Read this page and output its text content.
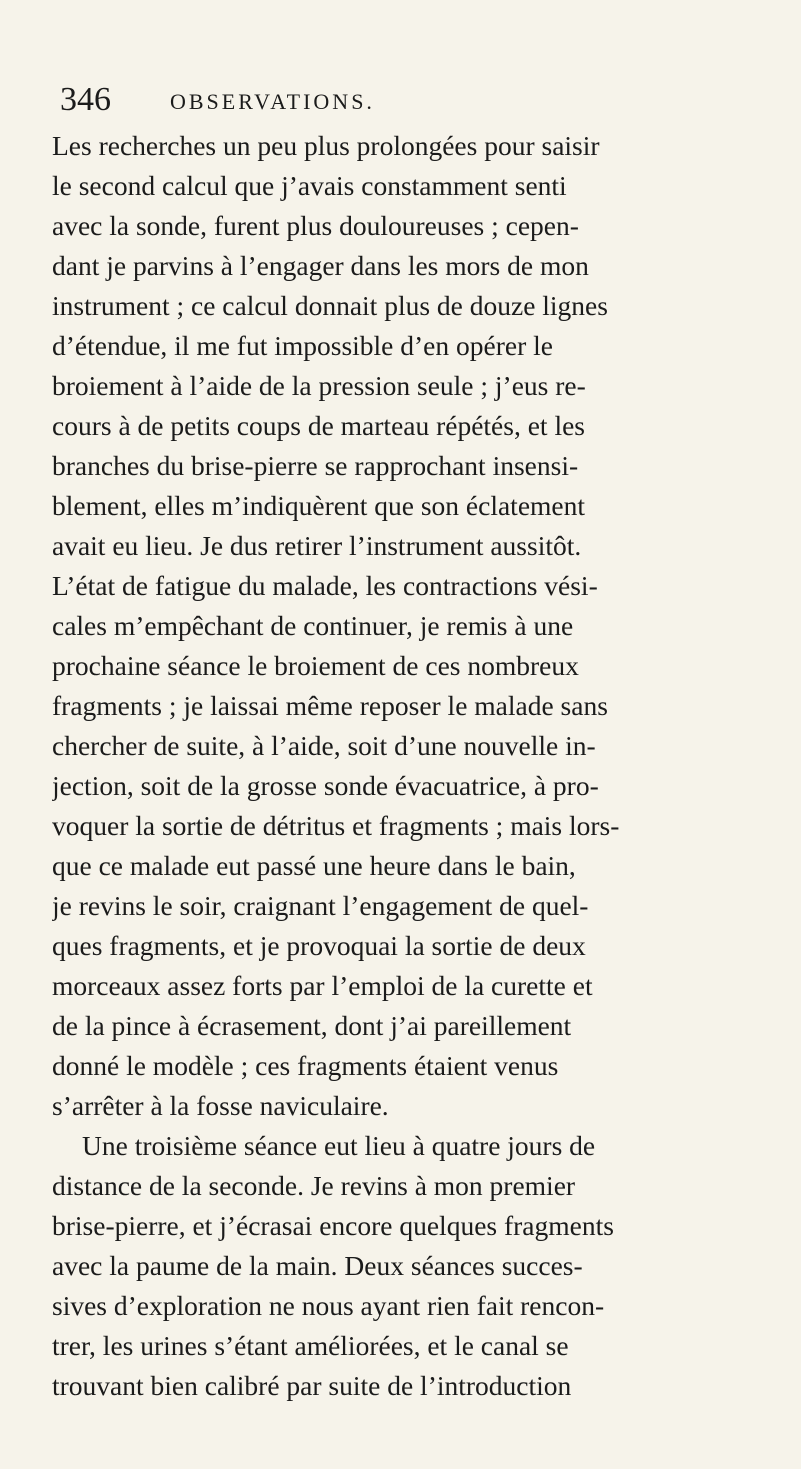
346	OBSERVATIONS.
Les recherches un peu plus prolongées pour saisir
le second calcul que j’avais constamment senti
avec la sonde, furent plus douloureuses ; cepen-
dant je parvins à l’engager dans les mors de mon
instrument ; ce calcul donnait plus de douze lignes
d’étendue, il me fut impossible d’en opérer le
broiement à l’aide de la pression seule ; j’eus re-
cours à de petits coups de marteau répétés, et les
branches du brise-pierre se rapprochant insensi-
blement, elles m’indiquèrent que son éclatement
avait eu lieu. Je dus retirer l’instrument aussitôt.
L’état de fatigue du malade, les contractions vési-
cales m’empêchant de continuer, je remis à une
prochaine séance le broiement de ces nombreux
fragments ; je laissai même reposer le malade sans
chercher de suite, à l’aide, soit d’une nouvelle in-
jection, soit de la grosse sonde évacuatrice, à pro-
voquer la sortie de détritus et fragments ; mais lors-
que ce malade eut passé une heure dans le bain,
je revins le soir, craignant l’engagement de quel-
ques fragments, et je provoquai la sortie de deux
morceaux assez forts par l’emploi de la curette et
de la pince à écrasement, dont j’ai pareillement
donné le modèle ; ces fragments étaient venus
s’arrêter à la fosse naviculaire.
Une troisième séance eut lieu à quatre jours de
distance de la seconde. Je revins à mon premier
brise-pierre, et j’écrasai encore quelques fragments
avec la paume de la main. Deux séances succes-
sives d’exploration ne nous ayant rien fait rencon-
trer, les urines s’étant améliorées, et le canal se
trouvant bien calibré par suite de l’introduction
